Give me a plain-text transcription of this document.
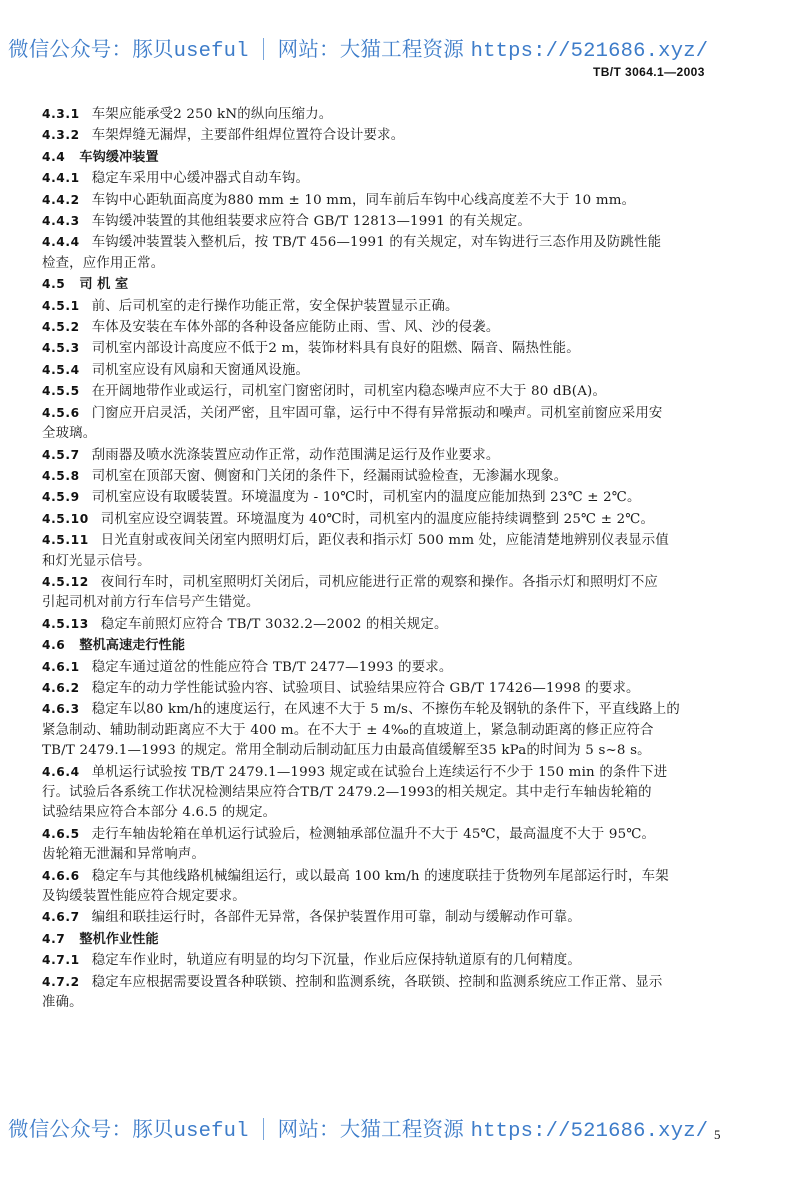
微信公众号：豚贝useful 网站：大猫工程资源 https://521686.xyz/
TB/T 3064.1—2003
4.3.1 车架应能承受2 250 kN的纵向压缩力。
4.3.2 车架焊缝无漏焊，主要部件组焊位置符合设计要求。
4.4 车钩缓冲装置
4.4.1 稳定车采用中心缓冲器式自动车钩。
4.4.2 车钩中心距轨面高度为880 mm ± 10 mm，同车前后车钩中心线高度差不大于 10 mm。
4.4.3 车钩缓冲装置的其他组装要求应符合 GB/T 12813—1991 的有关规定。
4.4.4 车钩缓冲装置装入整机后，按 TB/T 456—1991 的有关规定，对车钩进行三态作用及防跳性能
检查，应作用正常。
4.5 司 机 室
4.5.1 前、后司机室的走行操作功能正常，安全保护装置显示正确。
4.5.2 车体及安装在车体外部的各种设备应能防止雨、雪、风、沙的侵袭。
4.5.3 司机室内部设计高度应不低于2 m，装饰材料具有良好的阻燃、隔音、隔热性能。
4.5.4 司机室应设有风扇和天窗通风设施。
4.5.5 在开阔地带作业或运行，司机室门窗密闭时，司机室内稳态噪声应不大于 80 dB(A)。
4.5.6 门窗应开启灵活，关闭严密，且牢固可靠，运行中不得有异常振动和噪声。司机室前窗应采用安
全玻璃。
4.5.7 刮雨器及喷水洗涤装置应动作正常，动作范围满足运行及作业要求。
4.5.8 司机室在顶部天窗、侧窗和门关闭的条件下，经漏雨试验检查，无渗漏水现象。
4.5.9 司机室应设有取暖装置。环境温度为 - 10℃时，司机室内的温度应能加热到 23℃ ± 2℃。
4.5.10 司机室应设空调装置。环境温度为 40℃时，司机室内的温度应能持续调整到 25℃ ± 2℃。
4.5.11 日光直射或夜间关闭室内照明灯后，距仪表和指示灯 500 mm 处，应能清楚地辨别仪表显示值
和灯光显示信号。
4.5.12 夜间行车时，司机室照明灯关闭后，司机应能进行正常的观察和操作。各指示灯和照明灯不应
引起司机对前方行车信号产生错觉。
4.5.13 稳定车前照灯应符合 TB/T 3032.2—2002 的相关规定。
4.6 整机高速走行性能
4.6.1 稳定车通过道岔的性能应符合 TB/T 2477—1993 的要求。
4.6.2 稳定车的动力学性能试验内容、试验项目、试验结果应符合 GB/T 17426—1998 的要求。
4.6.3 稳定车以80 km/h的速度运行，在风速不大于 5 m/s、不擦伤车轮及钢轨的条件下，平直线路上的
紧急制动、辅助制动距离应不大于 400 m。在不大于 ± 4‰的直坡道上，紧急制动距离的修正应符合
TB/T 2479.1—1993 的规定。常用全制动后制动缸压力由最高值缓解至35 kPa的时间为 5 s~8 s。
4.6.4 单机运行试验按 TB/T 2479.1—1993 规定或在试验台上连续运行不少于 150 min 的条件下进
行。试验后各系统工作状况检测结果应符合TB/T 2479.2—1993的相关规定。其中走行车轴齿轮箱的
试验结果应符合本部分 4.6.5 的规定。
4.6.5 走行车轴齿轮箱在单机运行试验后，检测轴承部位温升不大于 45℃，最高温度不大于 95℃。
齿轮箱无泄漏和异常响声。
4.6.6 稳定车与其他线路机械编组运行，或以最高 100 km/h 的速度联挂于货物列车尾部运行时，车架
及钩缓装置性能应符合规定要求。
4.6.7 编组和联挂运行时，各部件无异常，各保护装置作用可靠，制动与缓解动作可靠。
4.7 整机作业性能
4.7.1 稳定车作业时，轨道应有明显的均匀下沉量，作业后应保持轨道原有的几何精度。
4.7.2 稳定车应根据需要设置各种联锁、控制和监测系统，各联锁、控制和监测系统应工作正常、显示
准确。
微信公众号：豚贝useful 网站：大猫工程资源 https://521686.xyz/ 5
